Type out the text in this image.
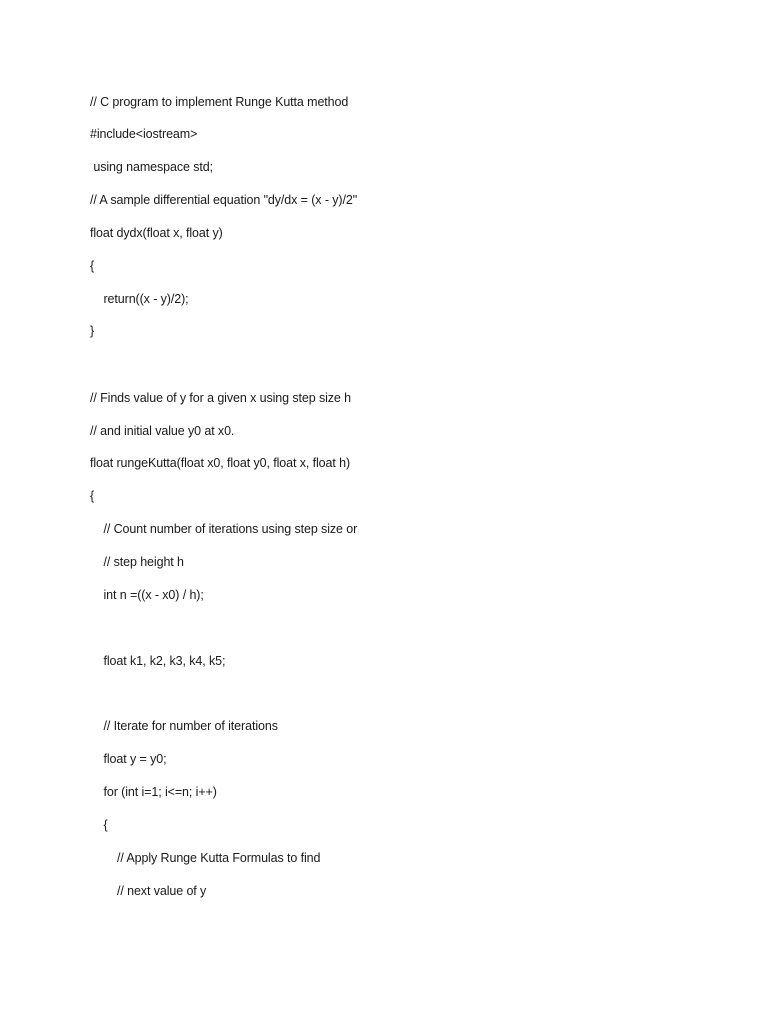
// C program to implement Runge Kutta method

#include<iostream>

using namespace std;

// A sample differential equation "dy/dx = (x - y)/2"

float dydx(float x, float y)

{

return((x - y)/2);

}

// Finds value of y for a given x using step size h

// and initial value y0 at x0.

float rungeKutta(float x0, float y0, float x, float h)

{

// Count number of iterations using step size or

// step height h

int n =((x - x0) / h);

float k1, k2, k3, k4, k5;

// Iterate for number of iterations

float y = y0;

for (int i=1; i<=n; i++)

{

// Apply Runge Kutta Formulas to find

// next value of y
